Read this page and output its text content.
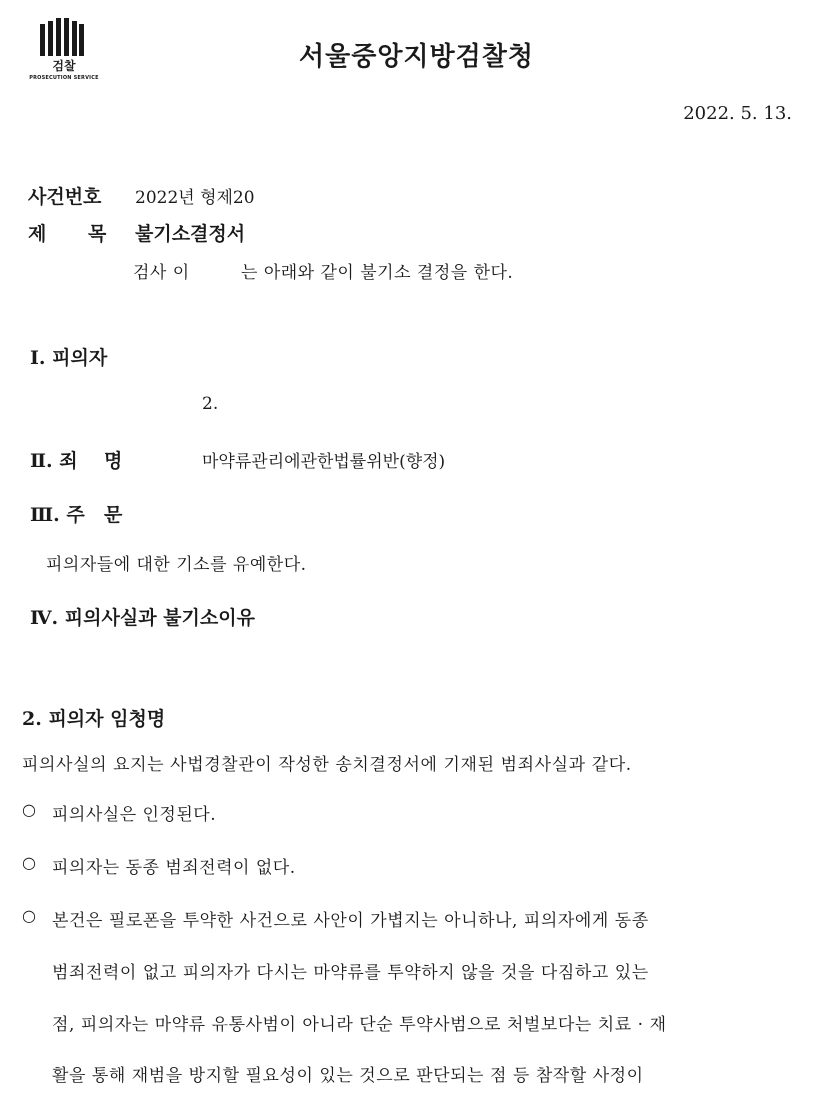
검찰
PROSECUTION SERVICE
서울중앙지방검찰청
2022. 5. 13.
사건번호 2022년 형제20
제 목 불기소결정서
검사 이	는 아래와 같이 불기소 결정을 한다.
Ⅰ. 피의자
2.
Ⅱ. 죄 명	마약류관리에관한법률위반(향정)
Ⅲ. 주 문
피의자들에 대한 기소를 유예한다.
Ⅳ. 피의사실과 불기소이유
2. 피의자 임청명
피의사실의 요지는 사법경찰관이 작성한 송치결정서에 기재된 범죄사실과 같다.
○ 피의사실은 인정된다.
○ 피의자는 동종 범죄전력이 없다.
○ 본건은 필로폰을 투약한 사건으로 사안이 가볍지는 아니하나, 피의자에게 동종
범죄전력이 없고 피의자가 다시는 마약류를 투약하지 않을 것을 다짐하고 있는
점, 피의자는 마약류 유통사범이 아니라 단순 투약사범으로 처벌보다는 치료 · 재
활을 통해 재범을 방지할 필요성이 있는 것으로 판단되는 점 등 참작할 사정이
